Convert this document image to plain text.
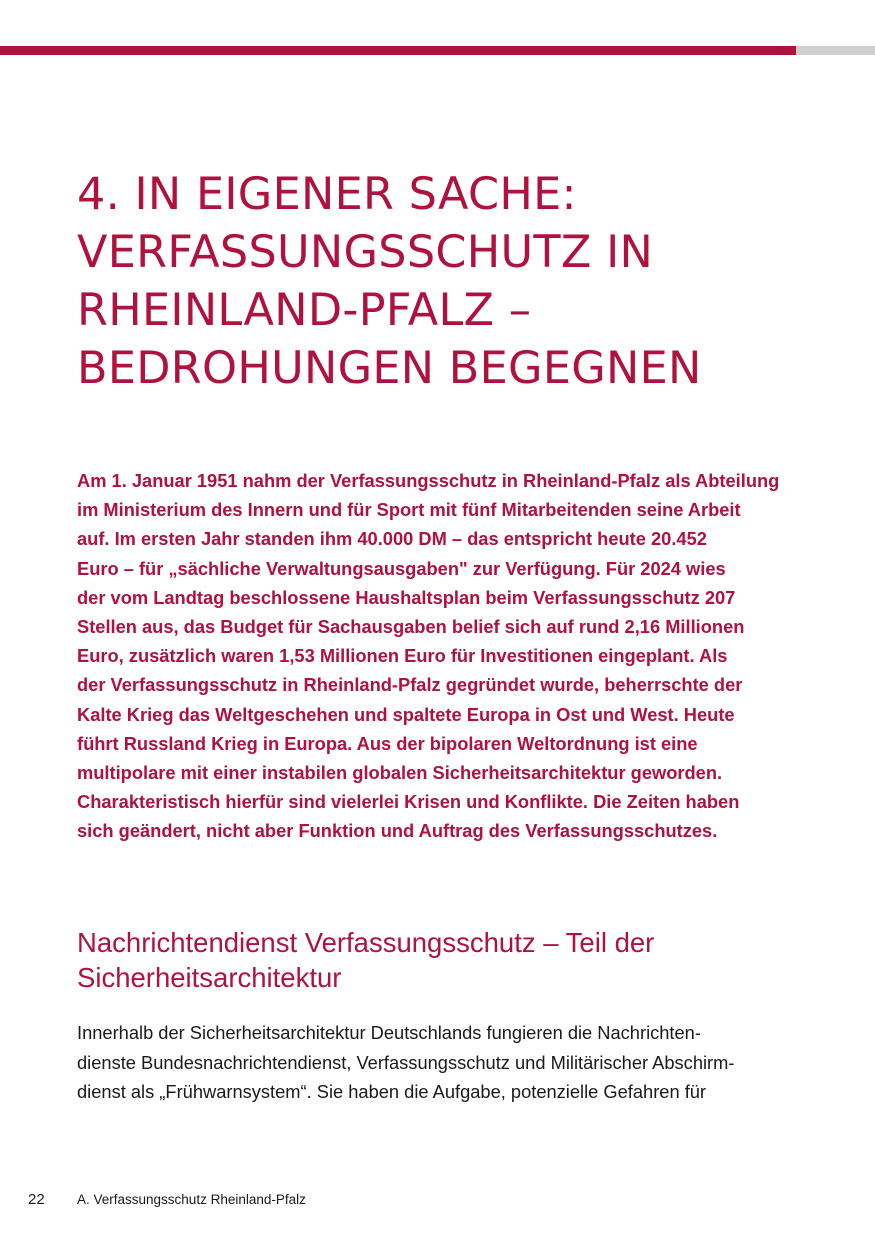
4. IN EIGENER SACHE:
VERFASSUNGSSCHUTZ IN
RHEINLAND-PFALZ –
BEDROHUNGEN BEGEGNEN

Am 1. Januar 1951 nahm der Verfassungsschutz in Rheinland-Pfalz als Abteilung
im Ministerium des Innern und für Sport mit fünf Mitarbeitenden seine Arbeit
auf. Im ersten Jahr standen ihm 40.000 DM – das entspricht heute 20.452
Euro – für „sächliche Verwaltungsausgaben" zur Verfügung. Für 2024 wies
der vom Landtag beschlossene Haushaltsplan beim Verfassungsschutz 207
Stellen aus, das Budget für Sachausgaben belief sich auf rund 2,16 Millionen
Euro, zusätzlich waren 1,53 Millionen Euro für Investitionen eingeplant. Als
der Verfassungsschutz in Rheinland-Pfalz gegründet wurde, beherrschte der
Kalte Krieg das Weltgeschehen und spaltete Europa in Ost und West. Heute
führt Russland Krieg in Europa. Aus der bipolaren Weltordnung ist eine
multipolare mit einer instabilen globalen Sicherheitsarchitektur geworden.
Charakteristisch hierfür sind vielerlei Krisen und Konflikte. Die Zeiten haben
sich geändert, nicht aber Funktion und Auftrag des Verfassungsschutzes.

Nachrichtendienst Verfassungsschutz – Teil der
Sicherheitsarchitektur

Innerhalb der Sicherheitsarchitektur Deutschlands fungieren die Nachrichten-
dienste Bundesnachrichtendienst, Verfassungsschutz und Militärischer Abschirm-
dienst als „Frühwarnsystem“. Sie haben die Aufgabe, potenzielle Gefahren für

22 A. Verfassungsschutz Rheinland-Pfalz
